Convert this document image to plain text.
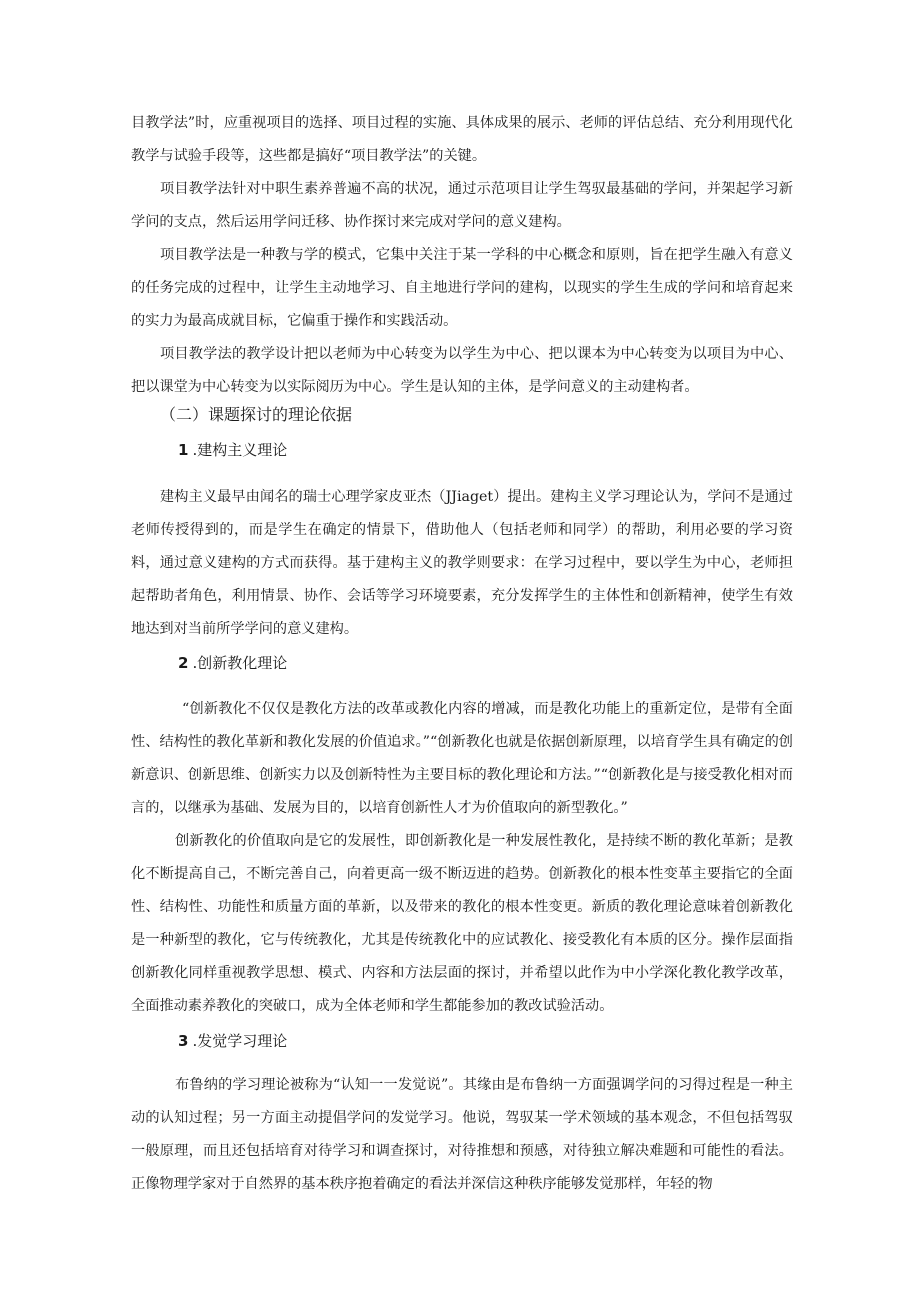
目教学法”时，应重视项目的选择、项目过程的实施、具体成果的展示、老师的评估总结、充分利用现代化教学与试验手段等，这些都是搞好“项目教学法”的关键。

项目教学法针对中职生素养普遍不高的状况，通过示范项目让学生驾驭最基础的学问，并架起学习新学问的支点，然后运用学问迁移、协作探讨来完成对学问的意义建构。

项目教学法是一种教与学的模式，它集中关注于某一学科的中心概念和原则，旨在把学生融入有意义的任务完成的过程中，让学生主动地学习、自主地进行学问的建构，以现实的学生生成的学问和培育起来的实力为最高成就目标，它偏重于操作和实践活动。

项目教学法的教学设计把以老师为中心转变为以学生为中心、把以课本为中心转变为以项目为中心、把以课堂为中心转变为以实际阅历为中心。学生是认知的主体，是学问意义的主动建构者。

（二）课题探讨的理论依据
1 .建构主义理论

建构主义最早由闻名的瑞士心理学家皮亚杰（JJiaget）提出。建构主义学习理论认为，学问不是通过老师传授得到的，而是学生在确定的情景下，借助他人（包括老师和同学）的帮助，利用必要的学习资料，通过意义建构的方式而获得。基于建构主义的教学则要求：在学习过程中，要以学生为中心，老师担起帮助者角色，利用情景、协作、会话等学习环境要素，充分发挥学生的主体性和创新精神，使学生有效地达到对当前所学学问的意义建构。

2 .创新教化理论

“创新教化不仅仅是教化方法的改革或教化内容的增减，而是教化功能上的重新定位，是带有全面性、结构性的教化革新和教化发展的价值追求。”“创新教化也就是依据创新原理，以培育学生具有确定的创新意识、创新思维、创新实力以及创新特性为主要目标的教化理论和方法。”“创新教化是与接受教化相对而言的，以继承为基础、发展为目的，以培育创新性人才为价值取向的新型教化。”

创新教化的价值取向是它的发展性，即创新教化是一种发展性教化，是持续不断的教化革新；是教化不断提高自己，不断完善自己，向着更高一级不断迈进的趋势。创新教化的根本性变革主要指它的全面性、结构性、功能性和质量方面的革新，以及带来的教化的根本性变更。新质的教化理论意味着创新教化是一种新型的教化，它与传统教化，尤其是传统教化中的应试教化、接受教化有本质的区分。操作层面指创新教化同样重视教学思想、模式、内容和方法层面的探讨，并希望以此作为中小学深化教化教学改革，全面推动素养教化的突破口，成为全体老师和学生都能参加的教改试验活动。

3 .发觉学习理论

布鲁纳的学习理论被称为“认知一一发觉说”。其缘由是布鲁纳一方面强调学问的习得过程是一种主动的认知过程；另一方面主动提倡学问的发觉学习。他说，驾驭某一学术领域的基本观念，不但包括驾驭一般原理，而且还包括培育对待学习和调查探讨，对待推想和预感，对待独立解决难题和可能性的看法。正像物理学家对于自然界的基本秩序抱着确定的看法并深信这种秩序能够发觉那样，年轻的物
